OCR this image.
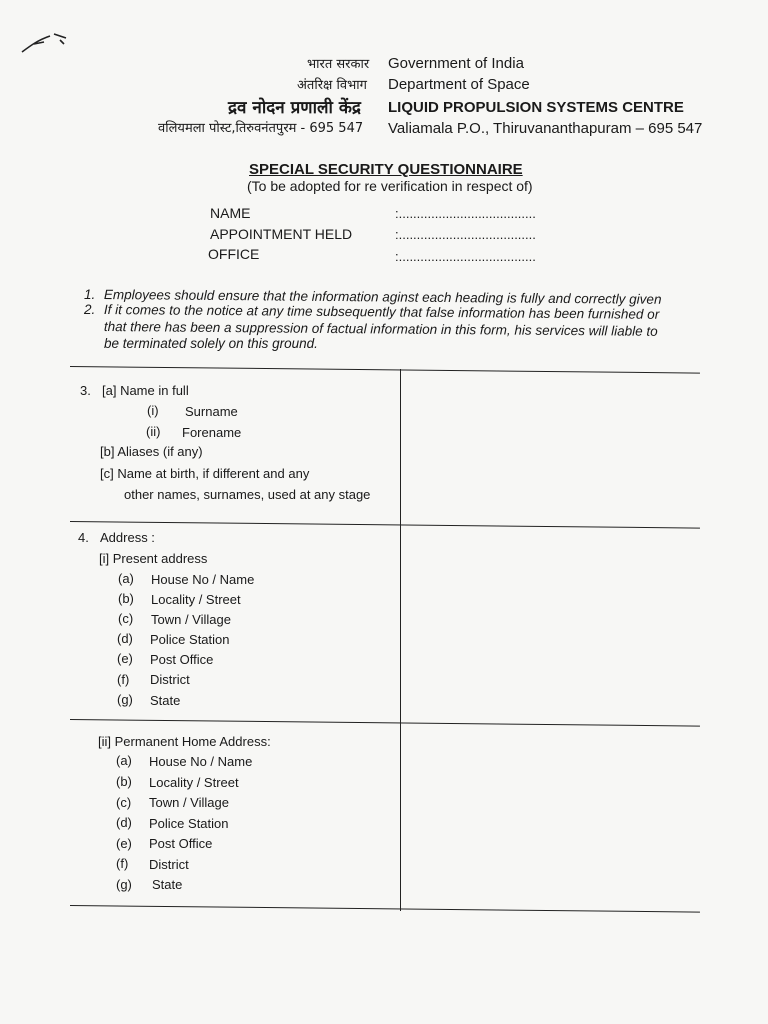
भारत सरकार Government of India
अंतरिक्ष विभाग Department of Space
द्रव नोदन प्रणाली केंद्र LIQUID PROPULSION SYSTEMS CENTRE
वलियमला पोस्ट,तिरुवनंतपुरम - 695 547 Valiamala P.O., Thiruvananthapuram – 695 547
SPECIAL SECURITY QUESTIONNAIRE
(To be adopted for re verification in respect of)
NAME	:......................................
APPOINTMENT HELD	:......................................
OFFICE	:......................................
1. Employees should ensure that the information aginst each heading is fully and correctly given
2. If it comes to the notice at any time subsequently that false information has been furnished or
that there has been a suppression of factual information in this form, his services will liable to
be terminated solely on this ground.
3. [a] Name in full
(i) Surname
(ii) Forename
[b] Aliases (if any)
[c] Name at birth, if different and any
other names, surnames, used at any stage
4. Address :
[i] Present address
(a) House No / Name
(b) Locality / Street
(c) Town / Village
(d) Police Station
(e) Post Office
(f) District
(g) State
[ii] Permanent Home Address:
(a) House No / Name
(b) Locality / Street
(c) Town / Village
(d) Police Station
(e) Post Office
(f) District
(g) State
